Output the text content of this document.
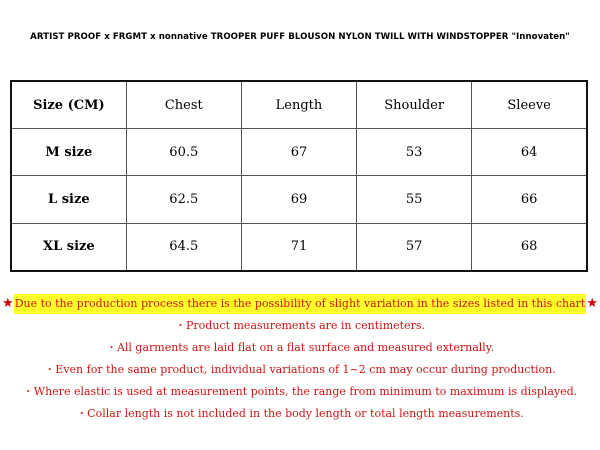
ARTIST PROOF x FRGMT x nonnative TROOPER PUFF BLOUSON NYLON TWILL WITH WINDSTOPPER "Innovaten"
Size (CM)	Chest	Length	Shoulder	Sleeve
M size	60.5	67	53	64
L size	62.5	69	55	66
XL size	64.5	71	57	68
★ Due to the production process there is the possibility of slight variation in the sizes listed in this chart ★
・Product measurements are in centimeters.
・All garments are laid flat on a flat surface and measured externally.
・Even for the same product, individual variations of 1~2 cm may occur during production.
・Where elastic is used at measurement points, the range from minimum to maximum is displayed.
・Collar length is not included in the body length or total length measurements.
